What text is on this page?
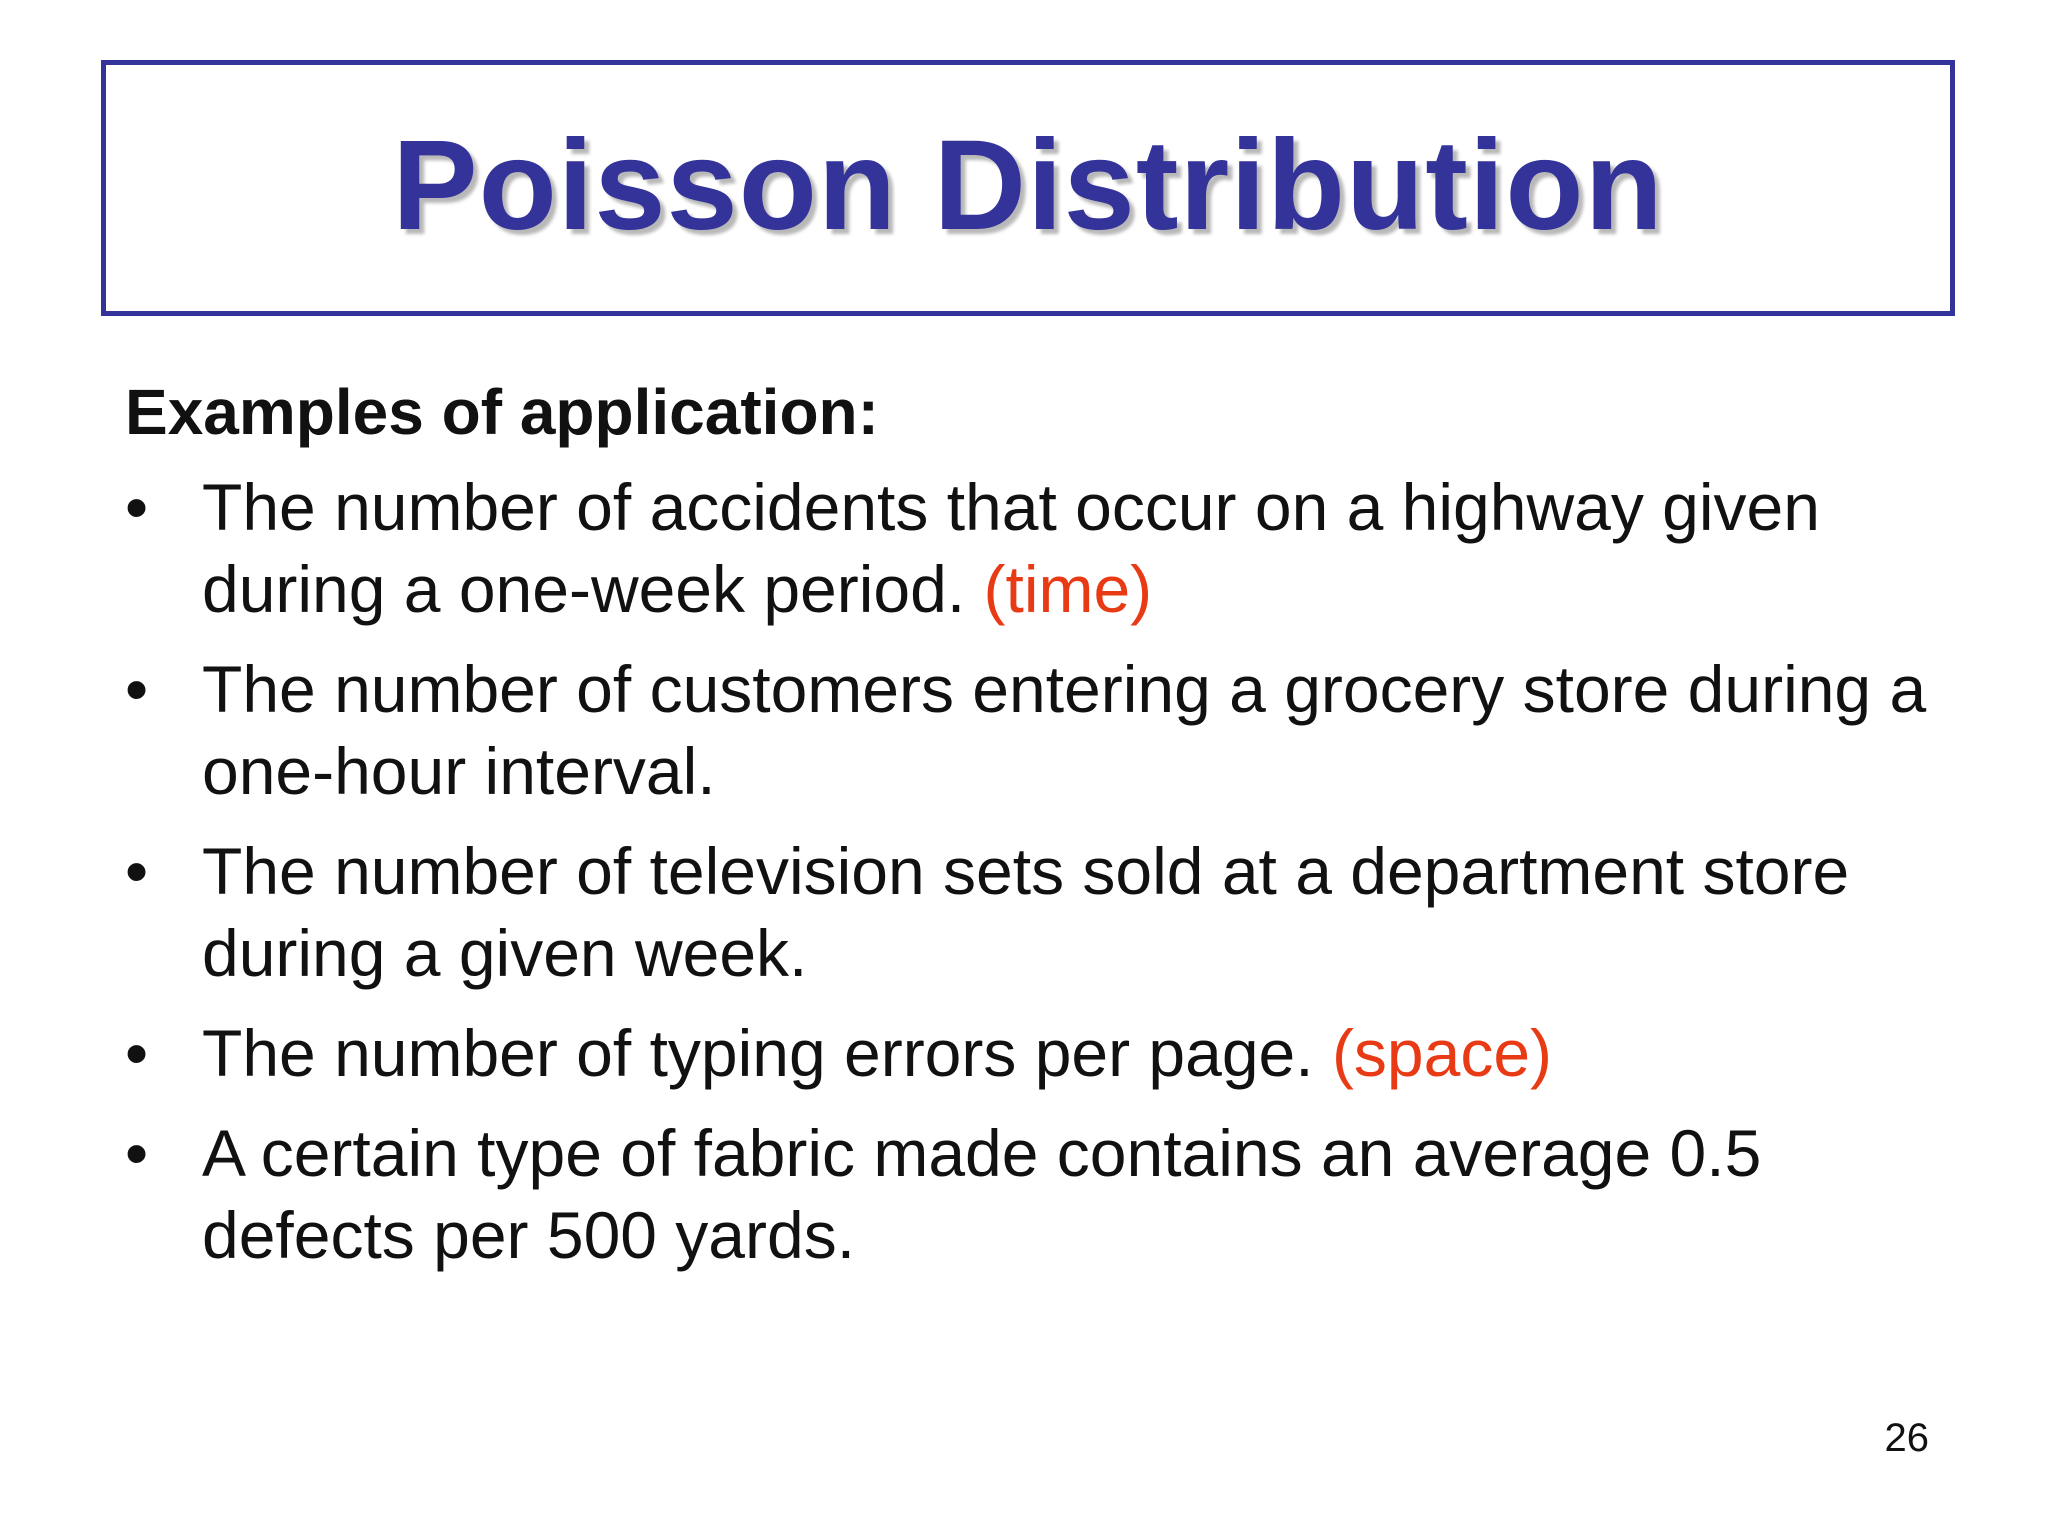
Poisson Distribution
Examples of application:
• The number of accidents that occur on a highway given during a one-week period. (time)
• The number of customers entering a grocery store during a one-hour interval.
• The number of television sets sold at a department store during a given week.
• The number of typing errors per page. (space)
• A certain type of fabric made contains an average 0.5 defects per 500 yards.
26
